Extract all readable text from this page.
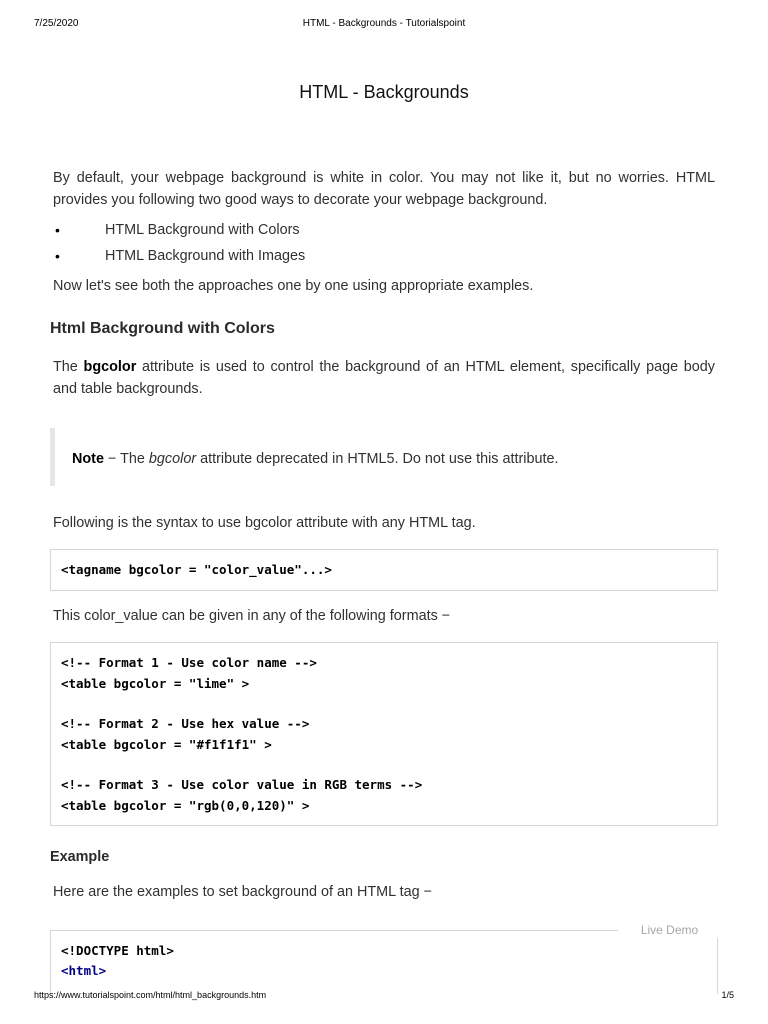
7/25/2020	HTML - Backgrounds - Tutorialspoint
HTML - Backgrounds

By default, your webpage background is white in color. You may not like it, but no worries. HTML provides you following two good ways to decorate your webpage background.

• HTML Background with Colors
• HTML Background with Images

Now let's see both the approaches one by one using appropriate examples.

Html Background with Colors

The bgcolor attribute is used to control the background of an HTML element, specifically page body and table backgrounds.

Note − The bgcolor attribute deprecated in HTML5. Do not use this attribute.

Following is the syntax to use bgcolor attribute with any HTML tag.

<tagname bgcolor = "color_value"...>

This color_value can be given in any of the following formats −

<!-- Format 1 - Use color name -->
<table bgcolor = "lime" >
<!-- Format 2 - Use hex value -->
<table bgcolor = "#f1f1f1" >
<!-- Format 3 - Use color value in RGB terms -->
<table bgcolor = "rgb(0,0,120)" >
Example

Here are the examples to set background of an HTML tag −

<!DOCTYPE html>
<html>
Live Demo
https://www.tutorialspoint.com/html/html_backgrounds.htm	1/5
